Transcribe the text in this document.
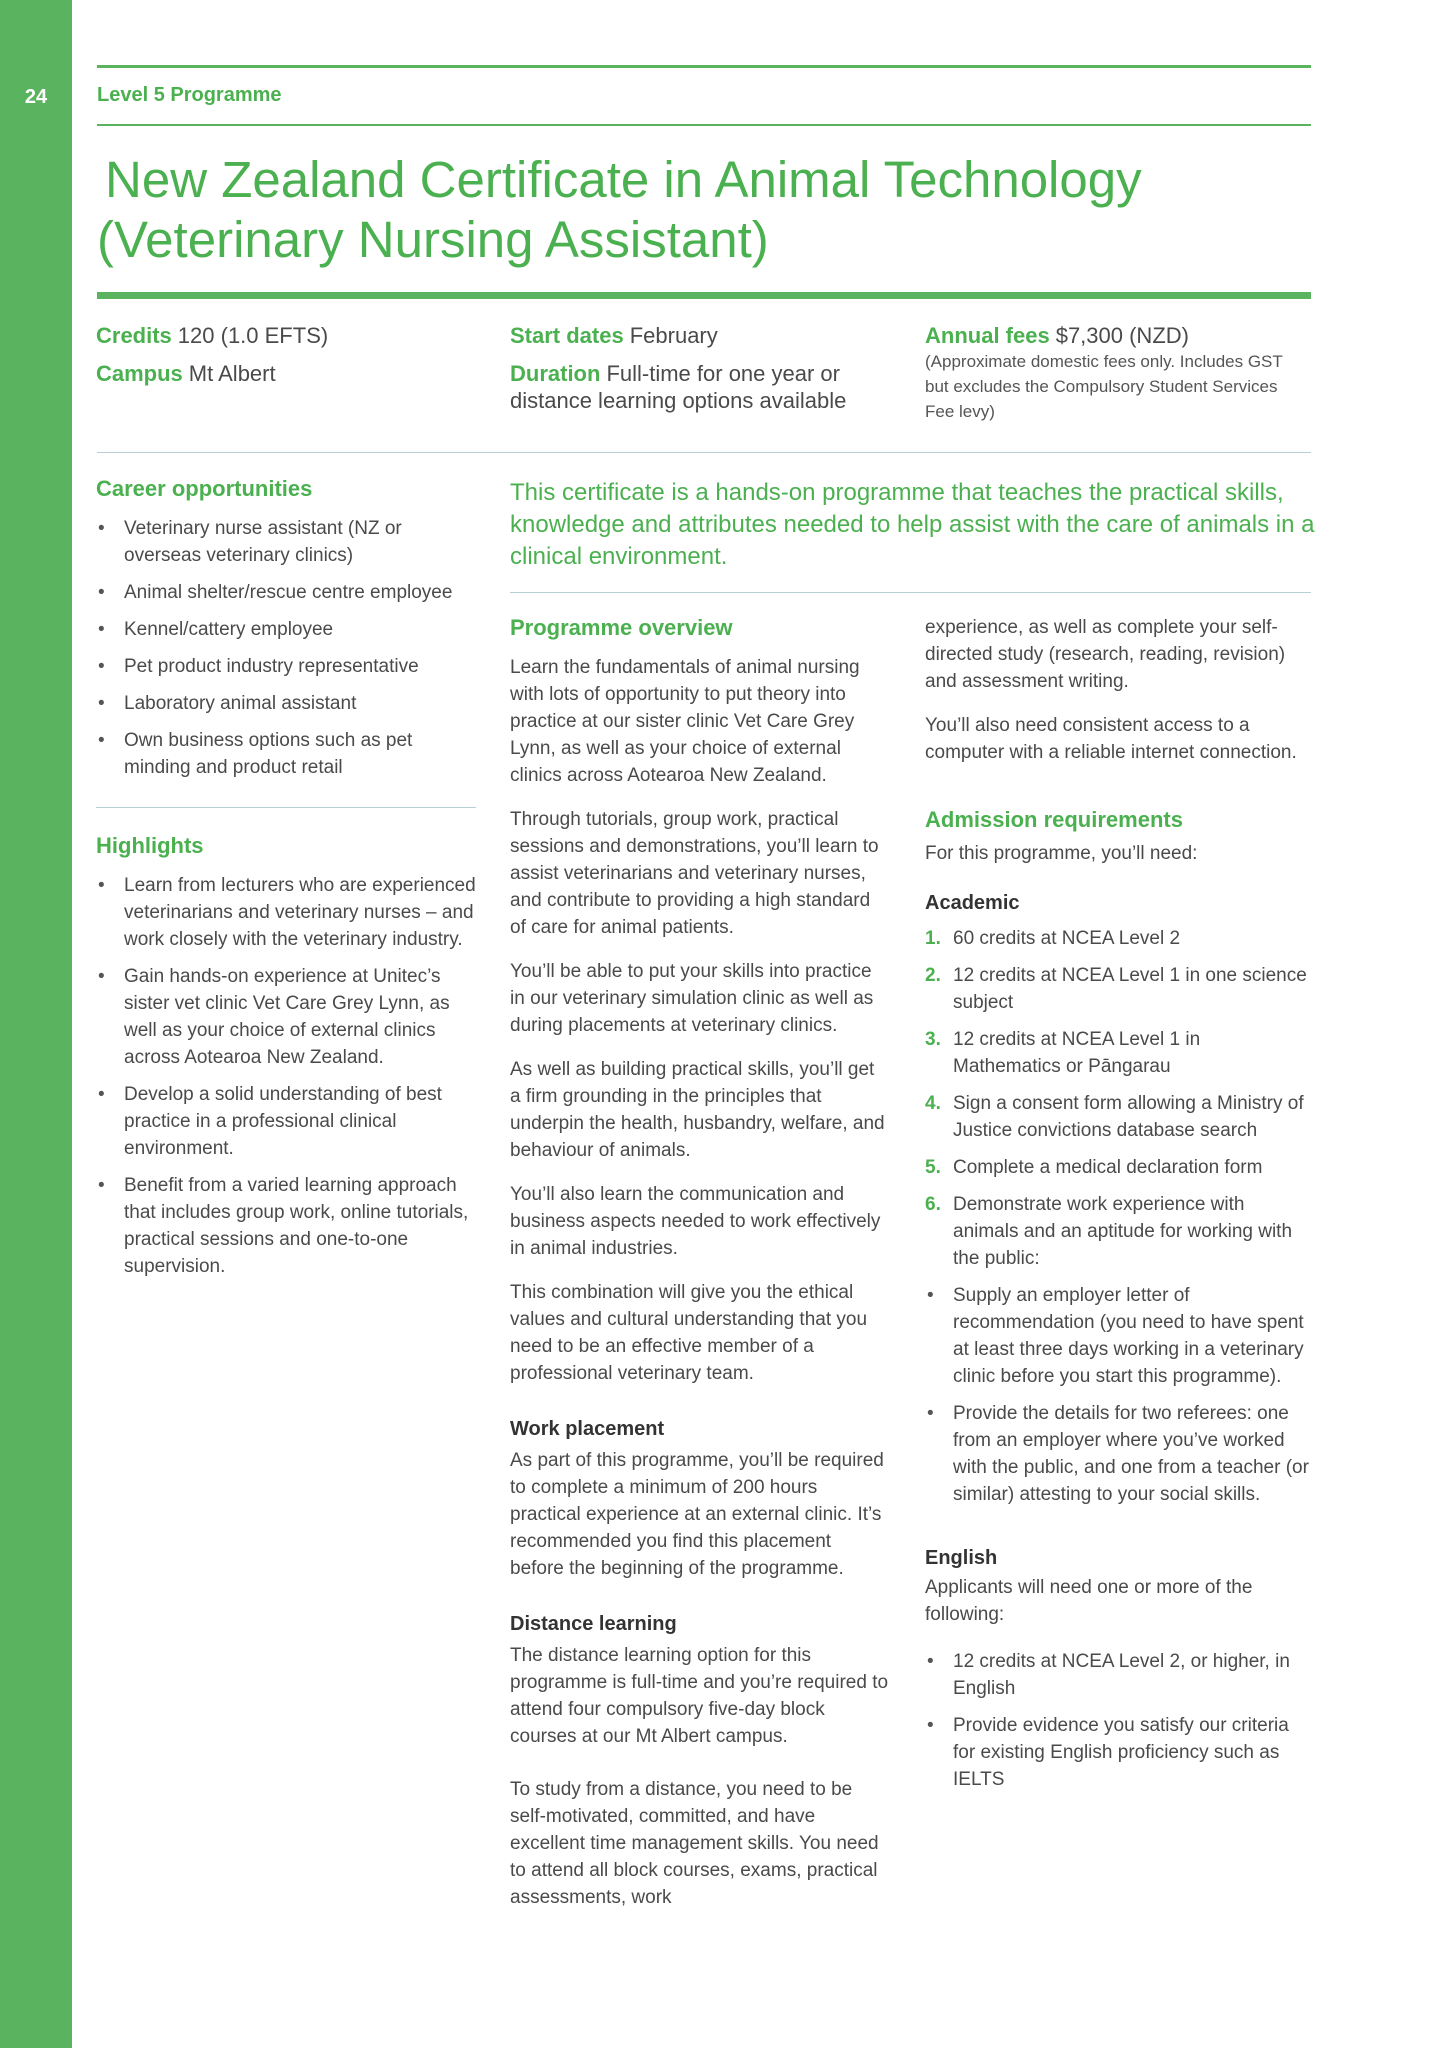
24	Level 5 Programme
New Zealand Certificate in Animal Technology
(Veterinary Nursing Assistant)
Credits 120 (1.0 EFTS)
Campus Mt Albert
Start dates February
Duration Full-time for one year or distance learning options available
Annual fees $7,300 (NZD)
(Approximate domestic fees only. Includes GST but excludes the Compulsory Student Services Fee levy)
Career opportunities
• Veterinary nurse assistant (NZ or overseas veterinary clinics)
• Animal shelter/rescue centre employee
• Kennel/cattery employee
• Pet product industry representative
• Laboratory animal assistant
• Own business options such as pet minding and product retail
Highlights
• Learn from lecturers who are experienced veterinarians and veterinary nurses – and work closely with the veterinary industry.
• Gain hands-on experience at Unitec’s sister vet clinic Vet Care Grey Lynn, as well as your choice of external clinics across Aotearoa New Zealand.
• Develop a solid understanding of best practice in a professional clinical environment.
• Benefit from a varied learning approach that includes group work, online tutorials, practical sessions and one-to-one supervision.
This certificate is a hands-on programme that teaches the practical skills, knowledge and attributes needed to help assist with the care of animals in a clinical environment.
Programme overview

Learn the fundamentals of animal nursing with lots of opportunity to put theory into practice at our sister clinic Vet Care Grey Lynn, as well as your choice of external clinics across Aotearoa New Zealand.

Through tutorials, group work, practical sessions and demonstrations, you’ll learn to assist veterinarians and veterinary nurses, and contribute to providing a high standard of care for animal patients.

You’ll be able to put your skills into practice in our veterinary simulation clinic as well as during placements at veterinary clinics.

As well as building practical skills, you’ll get a firm grounding in the principles that underpin the health, husbandry, welfare, and behaviour of animals.

You’ll also learn the communication and business aspects needed to work effectively in animal industries.

This combination will give you the ethical values and cultural understanding that you need to be an effective member of a professional veterinary team.

Work placement

As part of this programme, you’ll be required to complete a minimum of 200 hours practical experience at an external clinic. It’s recommended you find this placement before the beginning of the programme.

Distance learning

The distance learning option for this programme is full-time and you’re required to attend four compulsory five-day block courses at our Mt Albert campus.

To study from a distance, you need to be self-motivated, committed, and have excellent time management skills. You need to attend all block courses, exams, practical assessments, work

experience, as well as complete your self-directed study (research, reading, revision) and assessment writing.

You’ll also need consistent access to a computer with a reliable internet connection.

Admission requirements

For this programme, you’ll need:

Academic
1. 60 credits at NCEA Level 2
2. 12 credits at NCEA Level 1 in one science subject
3. 12 credits at NCEA Level 1 in Mathematics or Pāngarau
4. Sign a consent form allowing a Ministry of Justice convictions database search
5. Complete a medical declaration form
6. Demonstrate work experience with animals and an aptitude for working with the public:
• Supply an employer letter of recommendation (you need to have spent at least three days working in a veterinary clinic before you start this programme).
• Provide the details for two referees: one from an employer where you’ve worked with the public, and one from a teacher (or similar) attesting to your social skills.
English

Applicants will need one or more of the following:

• 12 credits at NCEA Level 2, or higher, in English
• Provide evidence you satisfy our criteria for existing English proficiency such as IELTS
